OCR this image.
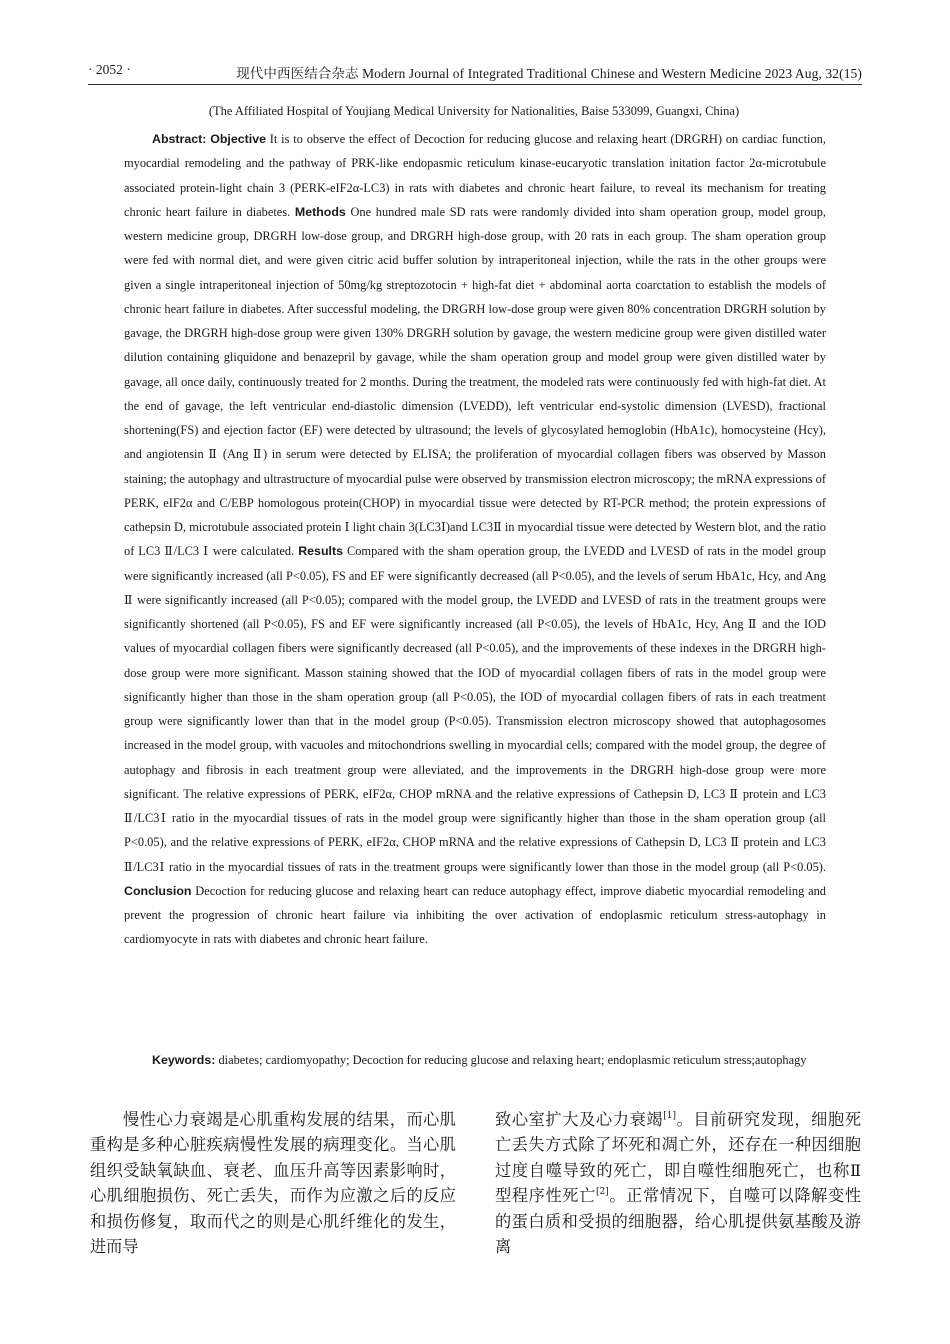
· 2052 ·	现代中西医结合杂志 Modern Journal of Integrated Traditional Chinese and Western Medicine 2023 Aug, 32(15)
(The Affiliated Hospital of Youjiang Medical University for Nationalities, Baise 533099, Guangxi, China)

Abstract: Objective It is to observe the effect of Decoction for reducing glucose and relaxing heart (DRGRH) on cardiac function, myocardial remodeling and the pathway of PRK-like endopasmic reticulum kinase-eucaryotic translation initation factor 2α-microtubule associated protein-light chain 3 (PERK-eIF2α-LC3) in rats with diabetes and chronic heart failure, to reveal its mechanism for treating chronic heart failure in diabetes. Methods One hundred male SD rats were randomly divided into sham operation group, model group, western medicine group, DRGRH low-dose group, and DRGRH high-dose group, with 20 rats in each group. The sham operation group were fed with normal diet, and were given citric acid buffer solution by intraperitoneal injection, while the rats in the other groups were given a single intraperitoneal injection of 50mg/kg streptozotocin + high-fat diet + abdominal aorta coarctation to establish the models of chronic heart failure in diabetes. After successful modeling, the DRGRH low-dose group were given 80% concentration DRGRH solution by gavage, the DRGRH high-dose group were given 130% DRGRH solution by gavage, the western medicine group were given distilled water dilution containing gliquidone and benazepril by gavage, while the sham operation group and model group were given distilled water by gavage, all once daily, continuously treated for 2 months. During the treatment, the modeled rats were continuously fed with high-fat diet. At the end of gavage, the left ventricular end-diastolic dimension (LVEDD), left ventricular end-systolic dimension (LVESD), fractional shortening(FS) and ejection factor (EF) were detected by ultrasound; the levels of glycosylated hemoglobin (HbA1c), homocysteine (Hcy), and angiotensin Ⅱ (Ang Ⅱ) in serum were detected by ELISA; the proliferation of myocardial collagen fibers was observed by Masson staining; the autophagy and ultrastructure of myocardial pulse were observed by transmission electron microscopy; the mRNA expressions of PERK, eIF2α and C/EBP homologous protein(CHOP) in myocardial tissue were detected by RT-PCR method; the protein expressions of cathepsin D, microtubule associated protein Ⅰ light chain 3(LC3Ⅰ)and LC3Ⅱ in myocardial tissue were detected by Western blot, and the ratio of LC3 Ⅱ/LC3 Ⅰ were calculated. Results Compared with the sham operation group, the LVEDD and LVESD of rats in the model group were significantly increased (all P<0.05), FS and EF were significantly decreased (all P<0.05), and the levels of serum HbA1c, Hcy, and Ang Ⅱ were significantly increased (all P<0.05); compared with the model group, the LVEDD and LVESD of rats in the treatment groups were significantly shortened (all P<0.05), FS and EF were significantly increased (all P<0.05), the levels of HbA1c, Hcy, Ang Ⅱ and the IOD values of myocardial collagen fibers were significantly decreased (all P<0.05), and the improvements of these indexes in the DRGRH high-dose group were more significant. Masson staining showed that the IOD of myocardial collagen fibers of rats in the model group were significantly higher than those in the sham operation group (all P<0.05), the IOD of myocardial collagen fibers of rats in each treatment group were significantly lower than that in the model group (P<0.05). Transmission electron microscopy showed that autophagosomes increased in the model group, with vacuoles and mitochondrions swelling in myocardial cells; compared with the model group, the degree of autophagy and fibrosis in each treatment group were alleviated, and the improvements in the DRGRH high-dose group were more significant. The relative expressions of PERK, eIF2α, CHOP mRNA and the relative expressions of Cathepsin D, LC3 Ⅱ protein and LC3 Ⅱ/LC3Ⅰ ratio in the myocardial tissues of rats in the model group were significantly higher than those in the sham operation group (all P<0.05), and the relative expressions of PERK, eIF2α, CHOP mRNA and the relative expressions of Cathepsin D, LC3 Ⅱ protein and LC3 Ⅱ/LC3Ⅰ ratio in the myocardial tissues of rats in the treatment groups were significantly lower than those in the model group (all P<0.05). Conclusion Decoction for reducing glucose and relaxing heart can reduce autophagy effect, improve diabetic myocardial remodeling and prevent the progression of chronic heart failure via inhibiting the over activation of endoplasmic reticulum stress-autophagy in cardiomyocyte in rats with diabetes and chronic heart failure.

Keywords: diabetes; cardiomyopathy; Decoction for reducing glucose and relaxing heart; endoplasmic reticulum stress;autophagy

慢性心力衰竭是心肌重构发展的结果，而心肌重构是多种心脏疾病慢性发展的病理变化。当心肌组织受缺氧缺血、衰老、血压升高等因素影响时，心肌细胞损伤、死亡丢失，而作为应激之后的反应和损伤修复，取而代之的则是心肌纤维化的发生，进而导

致心室扩大及心力衰竭[1]。目前研究发现，细胞死亡丢失方式除了坏死和凋亡外，还存在一种因细胞过度自噬导致的死亡，即自噬性细胞死亡，也称Ⅱ型程序性死亡[2]。正常情况下，自噬可以降解变性的蛋白质和受损的细胞器，给心肌提供氨基酸及游离
